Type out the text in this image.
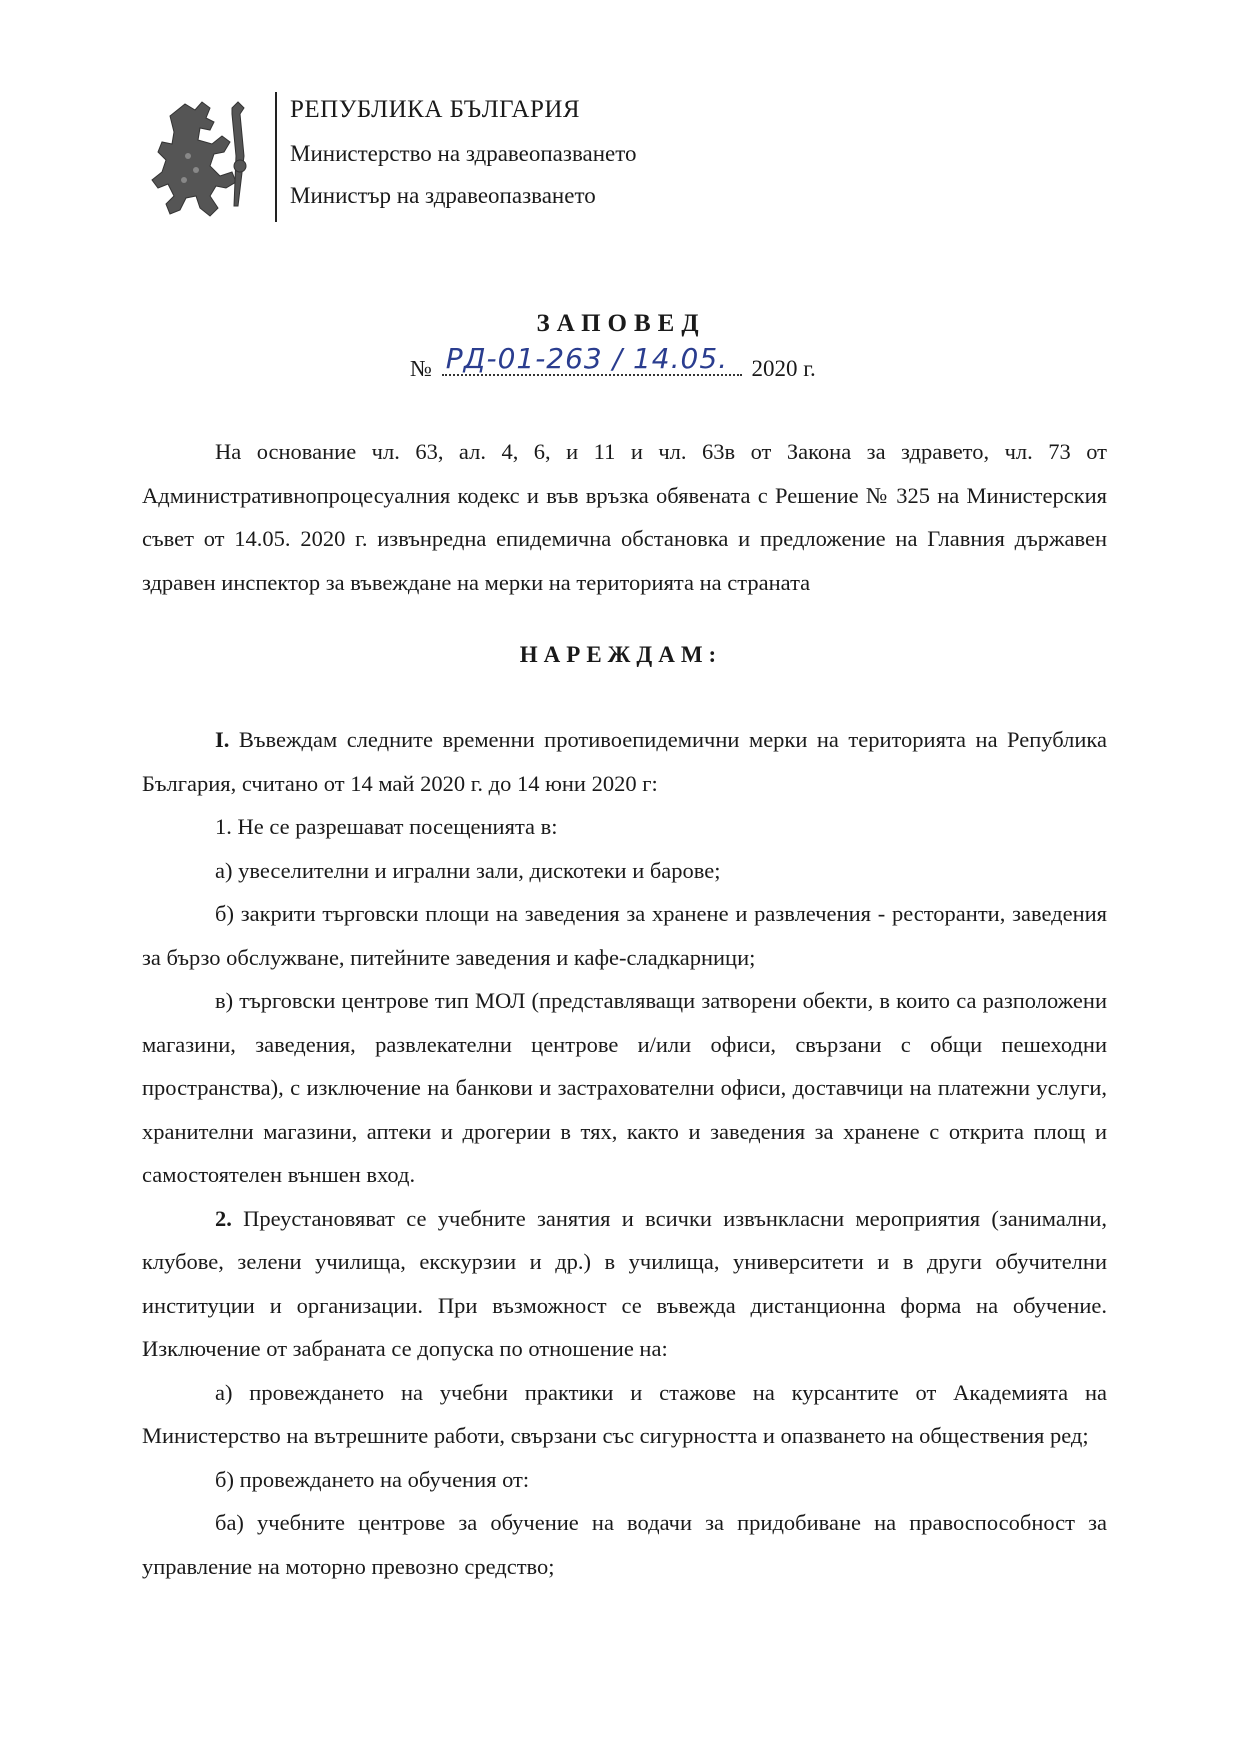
РЕПУБЛИКА БЪЛГАРИЯ
Министерство на здравеопазването
Министър на здравеопазването
ЗАПОВЕД
№ РД-01-263 / 14.05. 2020 г.

На основание чл. 63, ал. 4, 6, и 11 и чл. 63в от Закона за здравето, чл. 73 от Административнопроцесуалния кодекс и във връзка обявената с Решение № 325 на Министерския съвет от 14.05. 2020 г. извънредна епидемична обстановка и предложение на Главния държавен здравен инспектор за въвеждане на мерки на територията на страната

НАРЕЖДАМ:

I. Въвеждам следните временни противоепидемични мерки на територията на Република България, считано от 14 май 2020 г. до 14 юни 2020 г:

1. Не се разрешават посещенията в:

а) увеселителни и игрални зали, дискотеки и барове;

б) закрити търговски площи на заведения за хранене и развлечения - ресторанти, заведения за бързо обслужване, питейните заведения и кафе-сладкарници;

в) търговски центрове тип МОЛ (представляващи затворени обекти, в които са разположени магазини, заведения, развлекателни центрове и/или офиси, свързани с общи пешеходни пространства), с изключение на банкови и застрахователни офиси, доставчици на платежни услуги, хранителни магазини, аптеки и дрогерии в тях, както и заведения за хранене с открита площ и самостоятелен външен вход.

2. Преустановяват се учебните занятия и всички извънкласни мероприятия (занимални, клубове, зелени училища, екскурзии и др.) в училища, университети и в други обучителни институции и организации. При възможност се въвежда дистанционна форма на обучение. Изключение от забраната се допуска по отношение на:

а) провеждането на учебни практики и стажове на курсантите от Академията на Министерство на вътрешните работи, свързани със сигурността и опазването на обществения ред;

б) провеждането на обучения от:

ба) учебните центрове за обучение на водачи за придобиване на правоспособност за управление на моторно превозно средство;
